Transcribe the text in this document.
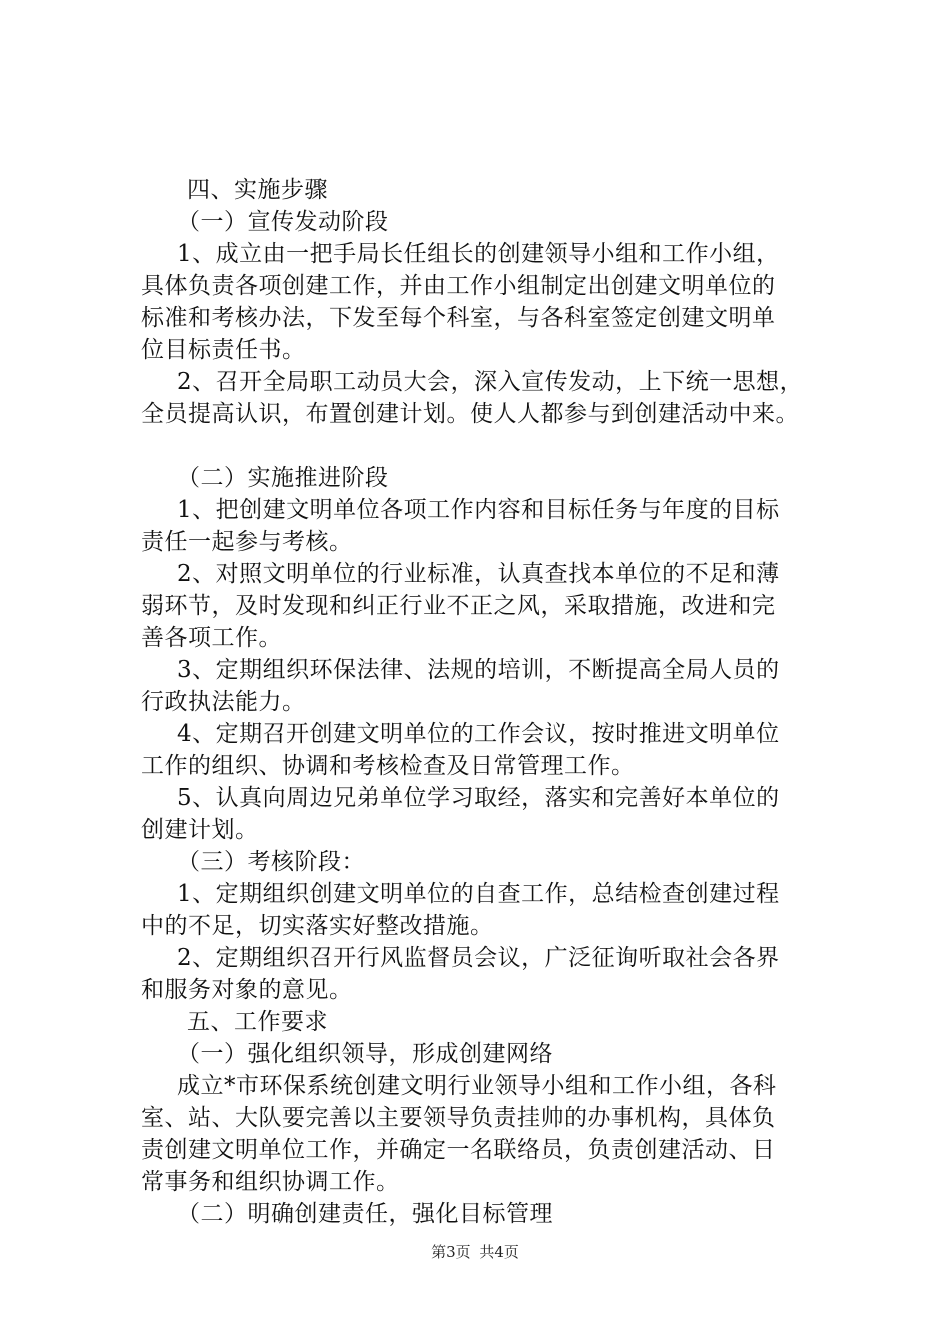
四、实施步骤
（一）宣传发动阶段
1、成立由一把手局长任组长的创建领导小组和工作小组，
具体负责各项创建工作，并由工作小组制定出创建文明单位的
标准和考核办法，下发至每个科室，与各科室签定创建文明单
位目标责任书。
2、召开全局职工动员大会，深入宣传发动，上下统一思想，
全员提高认识，布置创建计划。使人人都参与到创建活动中来。
（二）实施推进阶段
1、把创建文明单位各项工作内容和目标任务与年度的目标
责任一起参与考核。
2、对照文明单位的行业标准，认真查找本单位的不足和薄
弱环节，及时发现和纠正行业不正之风，采取措施，改进和完
善各项工作。
3、定期组织环保法律、法规的培训，不断提高全局人员的
行政执法能力。
4、定期召开创建文明单位的工作会议，按时推进文明单位
工作的组织、协调和考核检查及日常管理工作。
5、认真向周边兄弟单位学习取经，落实和完善好本单位的
创建计划。
（三）考核阶段：
1、定期组织创建文明单位的自查工作，总结检查创建过程
中的不足，切实落实好整改措施。
2、定期组织召开行风监督员会议，广泛征询听取社会各界
和服务对象的意见。
五、工作要求
（一）强化组织领导，形成创建网络
成立*市环保系统创建文明行业领导小组和工作小组，各科
室、站、大队要完善以主要领导负责挂帅的办事机构，具体负
责创建文明单位工作，并确定一名联络员，负责创建活动、日
常事务和组织协调工作。
（二）明确创建责任，强化目标管理
第3页 共4页
